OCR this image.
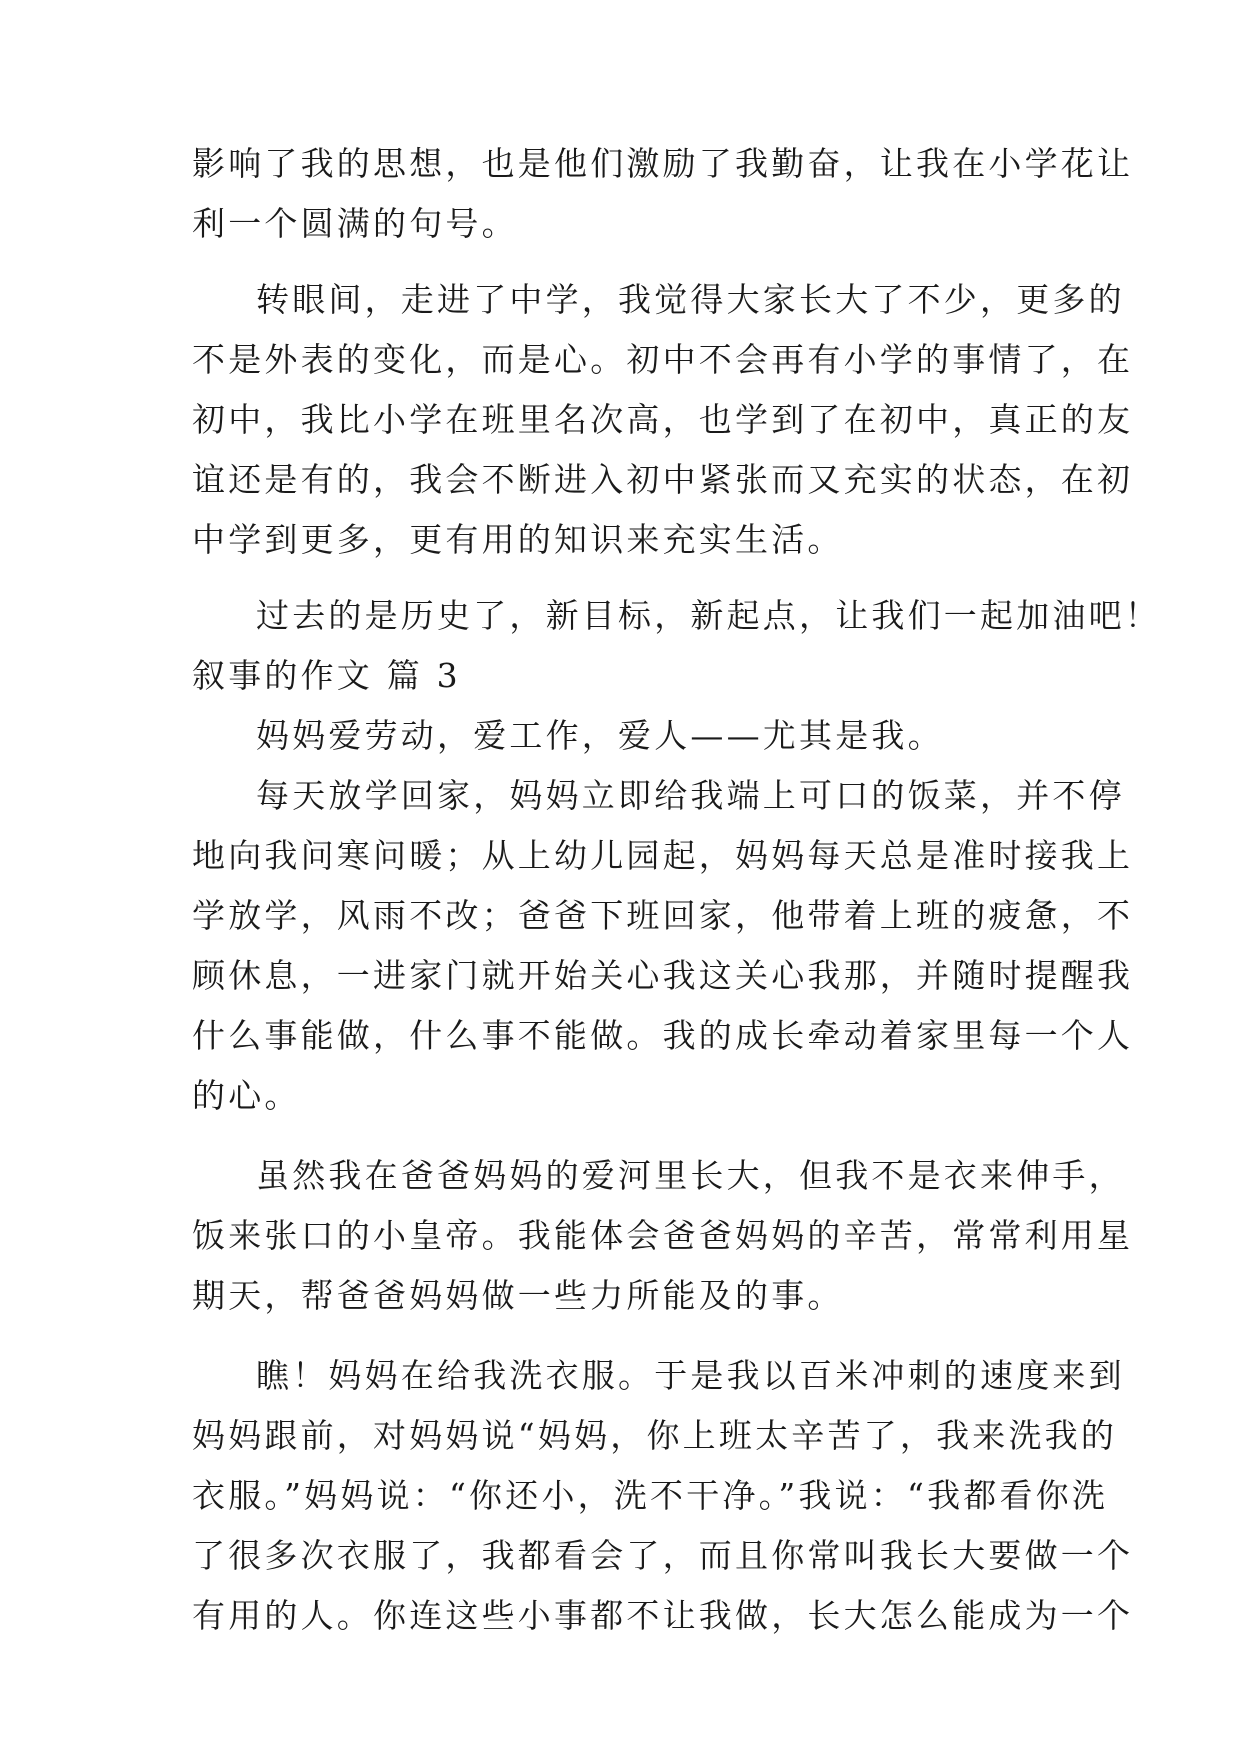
影响了我的思想，也是他们激励了我勤奋，让我在小学花让
利一个圆满的句号。
转眼间，走进了中学，我觉得大家长大了不少，更多的
不是外表的变化，而是心。初中不会再有小学的事情了，在
初中，我比小学在班里名次高，也学到了在初中，真正的友
谊还是有的，我会不断进入初中紧张而又充实的状态，在初
中学到更多，更有用的知识来充实生活。
过去的是历史了，新目标，新起点，让我们一起加油吧！
叙事的作文 篇 3
妈妈爱劳动，爱工作，爱人——尤其是我。
每天放学回家，妈妈立即给我端上可口的饭菜，并不停
地向我问寒问暖；从上幼儿园起，妈妈每天总是准时接我上
学放学，风雨不改；爸爸下班回家，他带着上班的疲惫，不
顾休息，一进家门就开始关心我这关心我那，并随时提醒我
什么事能做，什么事不能做。我的成长牵动着家里每一个人
的心。
虽然我在爸爸妈妈的爱河里长大，但我不是衣来伸手，
饭来张口的小皇帝。我能体会爸爸妈妈的辛苦，常常利用星
期天，帮爸爸妈妈做一些力所能及的事。
瞧！妈妈在给我洗衣服。于是我以百米冲刺的速度来到
妈妈跟前，对妈妈说“妈妈，你上班太辛苦了，我来洗我的
衣服。”妈妈说：“你还小，洗不干净。”我说：“我都看你洗
了很多次衣服了，我都看会了，而且你常叫我长大要做一个
有用的人。你连这些小事都不让我做，长大怎么能成为一个
